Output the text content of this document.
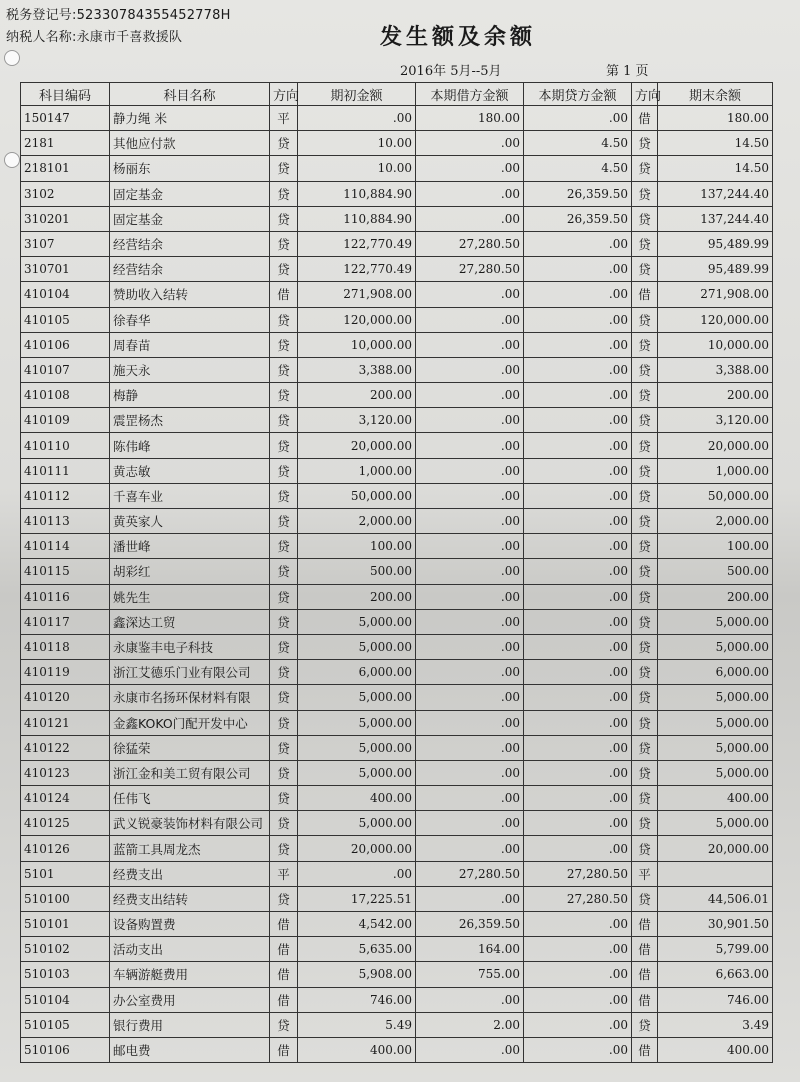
税务登记号:52330784355452778H
纳税人名称:永康市千喜救援队	发生额及余额
2016年 5月--5月	第 1 页
科目编码	科目名称	方向	期初金额	本期借方金额	本期贷方金额	方向	期末余额
150147	静力绳 米	平	.00	180.00	.00	借	180.00
2181	其他应付款	贷	10.00	.00	4.50	贷	14.50
218101	杨丽东	贷	10.00	.00	4.50	贷	14.50
3102	固定基金	贷	110,884.90	.00	26,359.50	贷	137,244.40
310201	固定基金	贷	110,884.90	.00	26,359.50	贷	137,244.40
3107	经营结余	贷	122,770.49	27,280.50	.00	贷	95,489.99
310701	经营结余	贷	122,770.49	27,280.50	.00	贷	95,489.99
410104	赞助收入结转	借	271,908.00	.00	.00	借	271,908.00
410105	徐春华	贷	120,000.00	.00	.00	贷	120,000.00
410106	周春苗	贷	10,000.00	.00	.00	贷	10,000.00
410107	施天永	贷	3,388.00	.00	.00	贷	3,388.00
410108	梅静	贷	200.00	.00	.00	贷	200.00
410109	震罡杨杰	贷	3,120.00	.00	.00	贷	3,120.00
410110	陈伟峰	贷	20,000.00	.00	.00	贷	20,000.00
410111	黄志敏	贷	1,000.00	.00	.00	贷	1,000.00
410112	千喜车业	贷	50,000.00	.00	.00	贷	50,000.00
410113	黄英家人	贷	2,000.00	.00	.00	贷	2,000.00
410114	潘世峰	贷	100.00	.00	.00	贷	100.00
410115	胡彩红	贷	500.00	.00	.00	贷	500.00
410116	姚先生	贷	200.00	.00	.00	贷	200.00
410117	鑫深达工贸	贷	5,000.00	.00	.00	贷	5,000.00
410118	永康鉴丰电子科技	贷	5,000.00	.00	.00	贷	5,000.00
410119	浙江艾德乐门业有限公司	贷	6,000.00	.00	.00	贷	6,000.00
410120	永康市名扬环保材料有限	贷	5,000.00	.00	.00	贷	5,000.00
410121	金鑫KOKO门配开发中心	贷	5,000.00	.00	.00	贷	5,000.00
410122	徐猛荣	贷	5,000.00	.00	.00	贷	5,000.00
410123	浙江金和美工贸有限公司	贷	5,000.00	.00	.00	贷	5,000.00
410124	任伟飞	贷	400.00	.00	.00	贷	400.00
410125	武义锐豪装饰材料有限公司	贷	5,000.00	.00	.00	贷	5,000.00
410126	蓝箭工具周龙杰	贷	20,000.00	.00	.00	贷	20,000.00
5101	经费支出	平	.00	27,280.50	27,280.50	平	
510100	经费支出结转	贷	17,225.51	.00	27,280.50	贷	44,506.01
510101	设备购置费	借	4,542.00	26,359.50	.00	借	30,901.50
510102	活动支出	借	5,635.00	164.00	.00	借	5,799.00
510103	车辆游艇费用	借	5,908.00	755.00	.00	借	6,663.00
510104	办公室费用	借	746.00	.00	.00	借	746.00
510105	银行费用	贷	5.49	2.00	.00	贷	3.49
510106	邮电费	借	400.00	.00	.00	借	400.00
